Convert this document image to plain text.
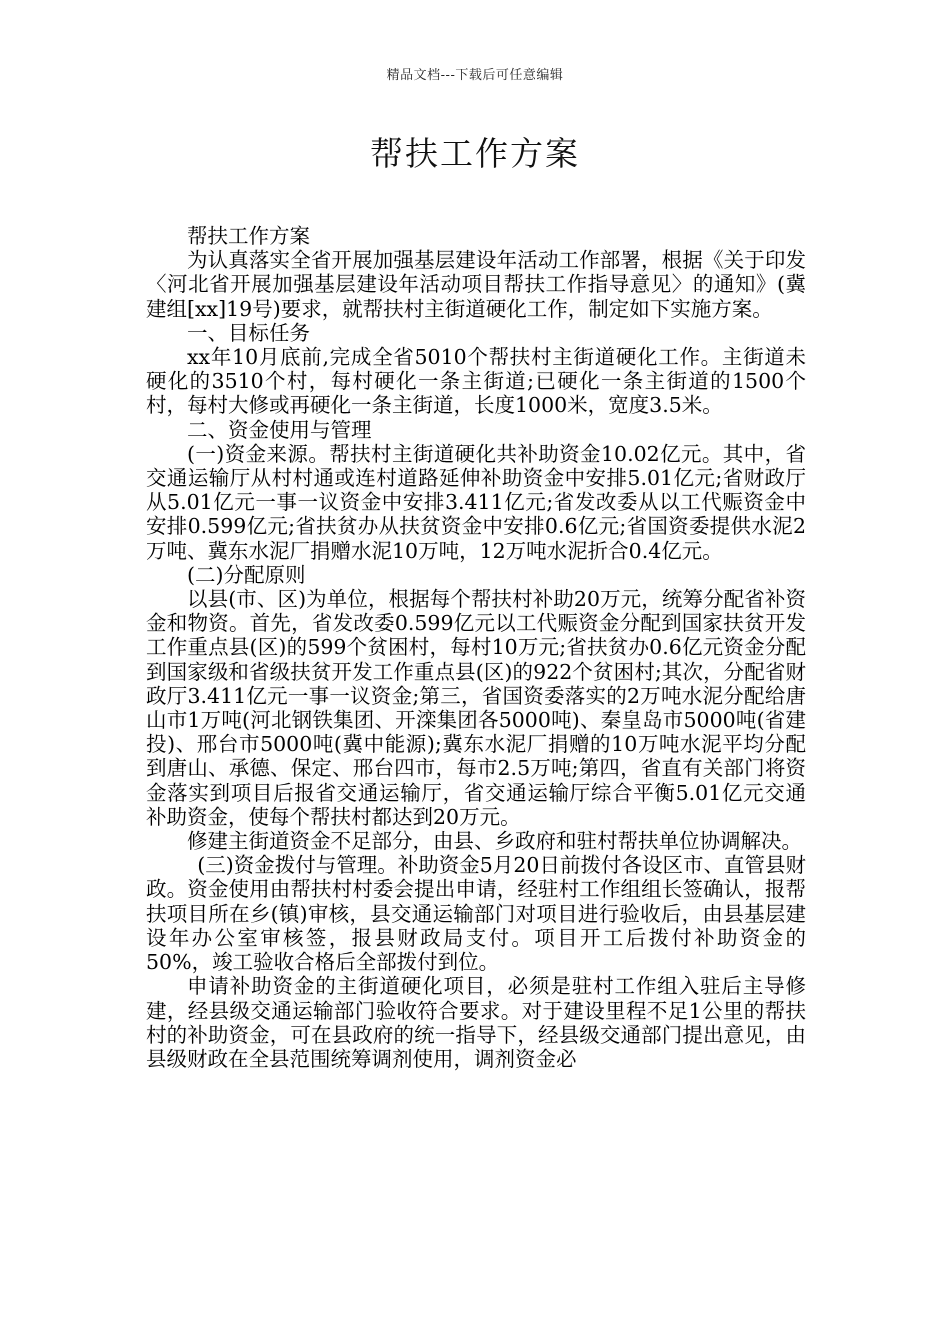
精品文档---下载后可任意编辑
帮扶工作方案

帮扶工作方案

为认真落实全省开展加强基层建设年活动工作部署，根据《关于印发〈河北省开展加强基层建设年活动项目帮扶工作指导意见〉的通知》(冀建组[xx]19号)要求，就帮扶村主街道硬化工作，制定如下实施方案。

一、目标任务

xx年10月底前,完成全省5010个帮扶村主街道硬化工作。主街道未硬化的3510个村，每村硬化一条主街道;已硬化一条主街道的1500个村，每村大修或再硬化一条主街道，长度1000米，宽度3.5米。

二、资金使用与管理

(一)资金来源。帮扶村主街道硬化共补助资金10.02亿元。其中，省交通运输厅从村村通或连村道路延伸补助资金中安排5.01亿元;省财政厅从5.01亿元一事一议资金中安排3.411亿元;省发改委从以工代赈资金中安排0.599亿元;省扶贫办从扶贫资金中安排0.6亿元;省国资委提供水泥2万吨、冀东水泥厂捐赠水泥10万吨，12万吨水泥折合0.4亿元。

(二)分配原则

以县(市、区)为单位，根据每个帮扶村补助20万元，统筹分配省补资金和物资。首先，省发改委0.599亿元以工代赈资金分配到国家扶贫开发工作重点县(区)的599个贫困村，每村10万元;省扶贫办0.6亿元资金分配到国家级和省级扶贫开发工作重点县(区)的922个贫困村;其次，分配省财政厅3.411亿元一事一议资金;第三，省国资委落实的2万吨水泥分配给唐山市1万吨(河北钢铁集团、开滦集团各5000吨)、秦皇岛市5000吨(省建投)、邢台市5000吨(冀中能源);冀东水泥厂捐赠的10万吨水泥平均分配到唐山、承德、保定、邢台四市，每市2.5万吨;第四，省直有关部门将资金落实到项目后报省交通运输厅，省交通运输厅综合平衡5.01亿元交通补助资金，使每个帮扶村都达到20万元。

修建主街道资金不足部分，由县、乡政府和驻村帮扶单位协调解决。

(三)资金拨付与管理。补助资金5月20日前拨付各设区市、直管县财政。资金使用由帮扶村村委会提出申请，经驻村工作组组长签确认，报帮扶项目所在乡(镇)审核，县交通运输部门对项目进行验收后，由县基层建设年办公室审核签，报县财政局支付。项目开工后拨付补助资金的50%，竣工验收合格后全部拨付到位。

申请补助资金的主街道硬化项目，必须是驻村工作组入驻后主导修建，经县级交通运输部门验收符合要求。对于建设里程不足1公里的帮扶村的补助资金，可在县政府的统一指导下，经县级交通部门提出意见，由县级财政在全县范围统筹调剂使用，调剂资金必
